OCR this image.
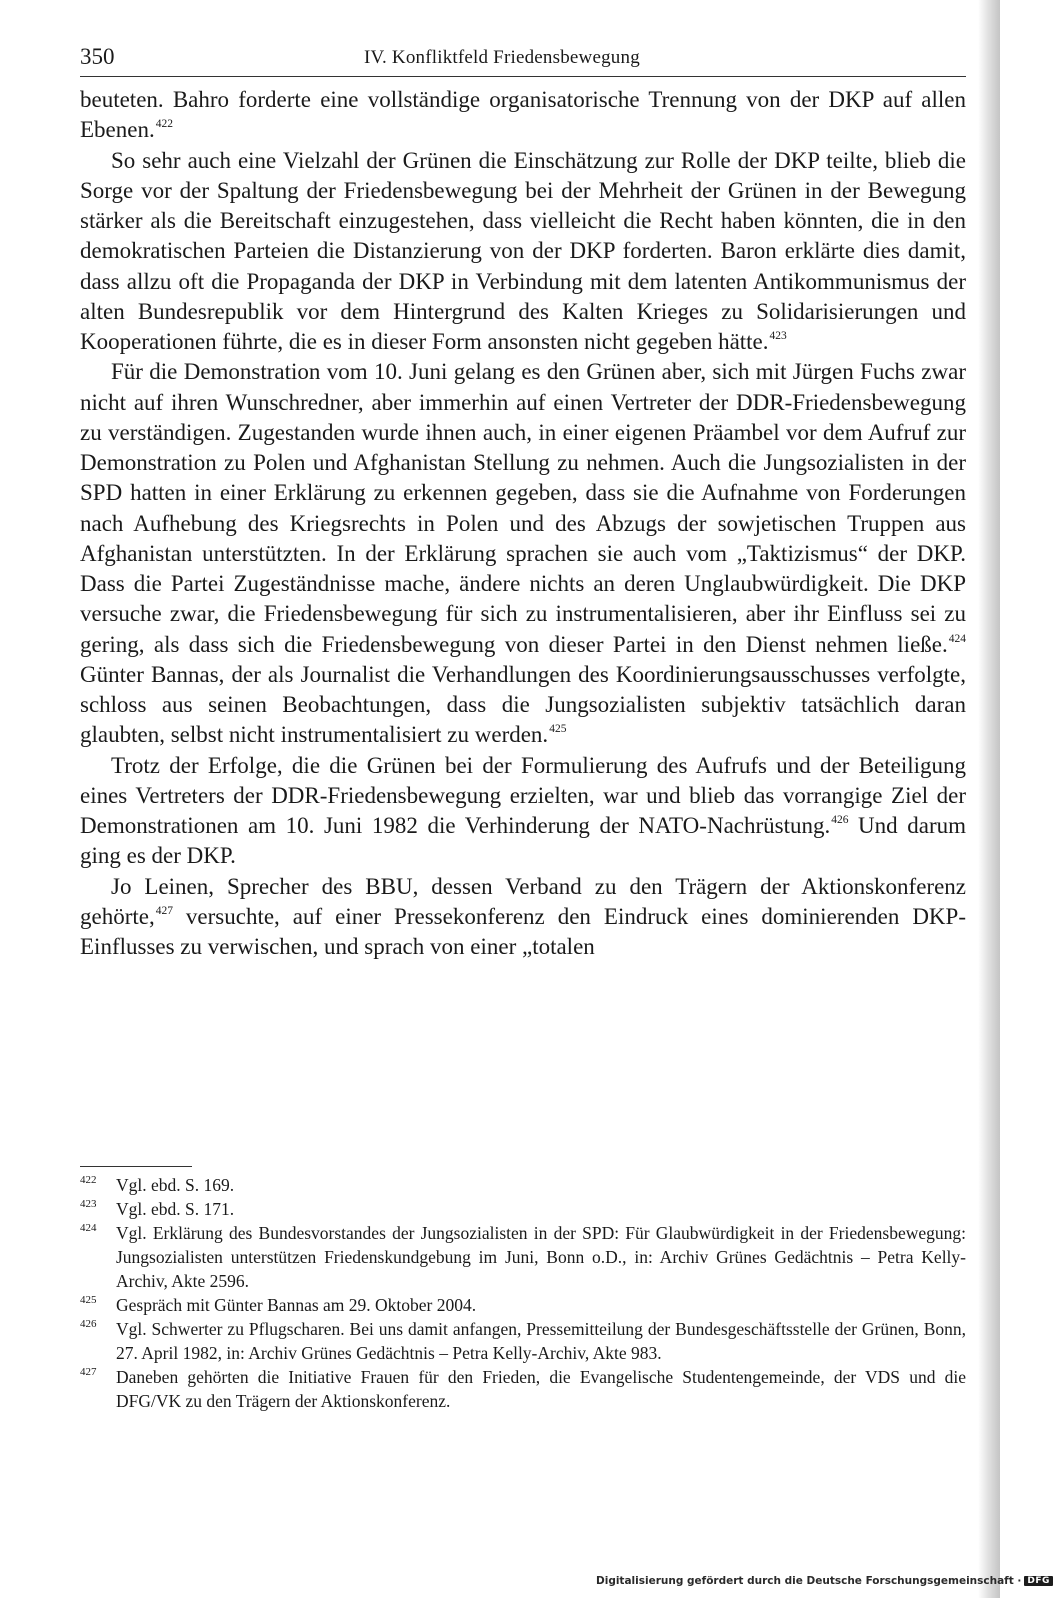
350	IV. Konfliktfeld Friedensbewegung

beuteten. Bahro forderte eine vollständige organisatorische Trennung von der DKP auf allen Ebenen.$^{422}$

So sehr auch eine Vielzahl der Grünen die Einschätzung zur Rolle der DKP teilte, blieb die Sorge vor der Spaltung der Friedensbewegung bei der Mehrheit der Grünen in der Bewegung stärker als die Bereitschaft einzugestehen, dass vielleicht die Recht haben könnten, die in den demokratischen Parteien die Distanzierung von der DKP forderten. Baron erklärte dies damit, dass allzu oft die Propaganda der DKP in Verbindung mit dem latenten Antikommunismus der alten Bundesrepublik vor dem Hintergrund des Kalten Krieges zu Solidarisierungen und Kooperationen führte, die es in dieser Form ansonsten nicht gegeben hätte.$^{423}$

Für die Demonstration vom 10. Juni gelang es den Grünen aber, sich mit Jürgen Fuchs zwar nicht auf ihren Wunschredner, aber immerhin auf einen Vertreter der DDR-Friedensbewegung zu verständigen. Zugestanden wurde ihnen auch, in einer eigenen Präambel vor dem Aufruf zur Demonstration zu Polen und Afghanistan Stellung zu nehmen. Auch die Jungsozialisten in der SPD hatten in einer Erklärung zu erkennen gegeben, dass sie die Aufnahme von Forderungen nach Aufhebung des Kriegsrechts in Polen und des Abzugs der sowjetischen Truppen aus Afghanistan unterstützten. In der Erklärung sprachen sie auch vom „Taktizismus“ der DKP. Dass die Partei Zugeständnisse mache, ändere nichts an deren Unglaubwürdigkeit. Die DKP versuche zwar, die Friedensbewegung für sich zu instrumentalisieren, aber ihr Einfluss sei zu gering, als dass sich die Friedensbewegung von dieser Partei in den Dienst nehmen ließe.$^{424}$ Günter Bannas, der als Journalist die Verhandlungen des Koordinierungsausschusses verfolgte, schloss aus seinen Beobachtungen, dass die Jungsozialisten subjektiv tatsächlich daran glaubten, selbst nicht instrumentalisiert zu werden.$^{425}$

Trotz der Erfolge, die die Grünen bei der Formulierung des Aufrufs und der Beteiligung eines Vertreters der DDR-Friedensbewegung erzielten, war und blieb das vorrangige Ziel der Demonstrationen am 10. Juni 1982 die Verhinderung der NATO-Nachrüstung.$^{426}$ Und darum ging es der DKP.

Jo Leinen, Sprecher des BBU, dessen Verband zu den Trägern der Aktionskonferenz gehörte,$^{427}$ versuchte, auf einer Pressekonferenz den Eindruck eines dominierenden DKP-Einflusses zu verwischen, und sprach von einer „totalen

422	Vgl. ebd. S. 169.
423	Vgl. ebd. S. 171.
424	Vgl. Erklärung des Bundesvorstandes der Jungsozialisten in der SPD: Für Glaubwürdigkeit in der Friedensbewegung: Jungsozialisten unterstützen Friedenskundgebung im Juni, Bonn o.D., in: Archiv Grünes Gedächtnis – Petra Kelly-Archiv, Akte 2596.
425	Gespräch mit Günter Bannas am 29. Oktober 2004.
426	Vgl. Schwerter zu Pflugscharen. Bei uns damit anfangen, Pressemitteilung der Bundesgeschäftsstelle der Grünen, Bonn, 27. April 1982, in: Archiv Grünes Gedächtnis – Petra Kelly-Archiv, Akte 983.
427	Daneben gehörten die Initiative Frauen für den Frieden, die Evangelische Studentengemeinde, der VDS und die DFG/VK zu den Trägern der Aktionskonferenz.
Digitalisierung gefördert durch die Deutsche Forschungsgemeinschaft · DFG
